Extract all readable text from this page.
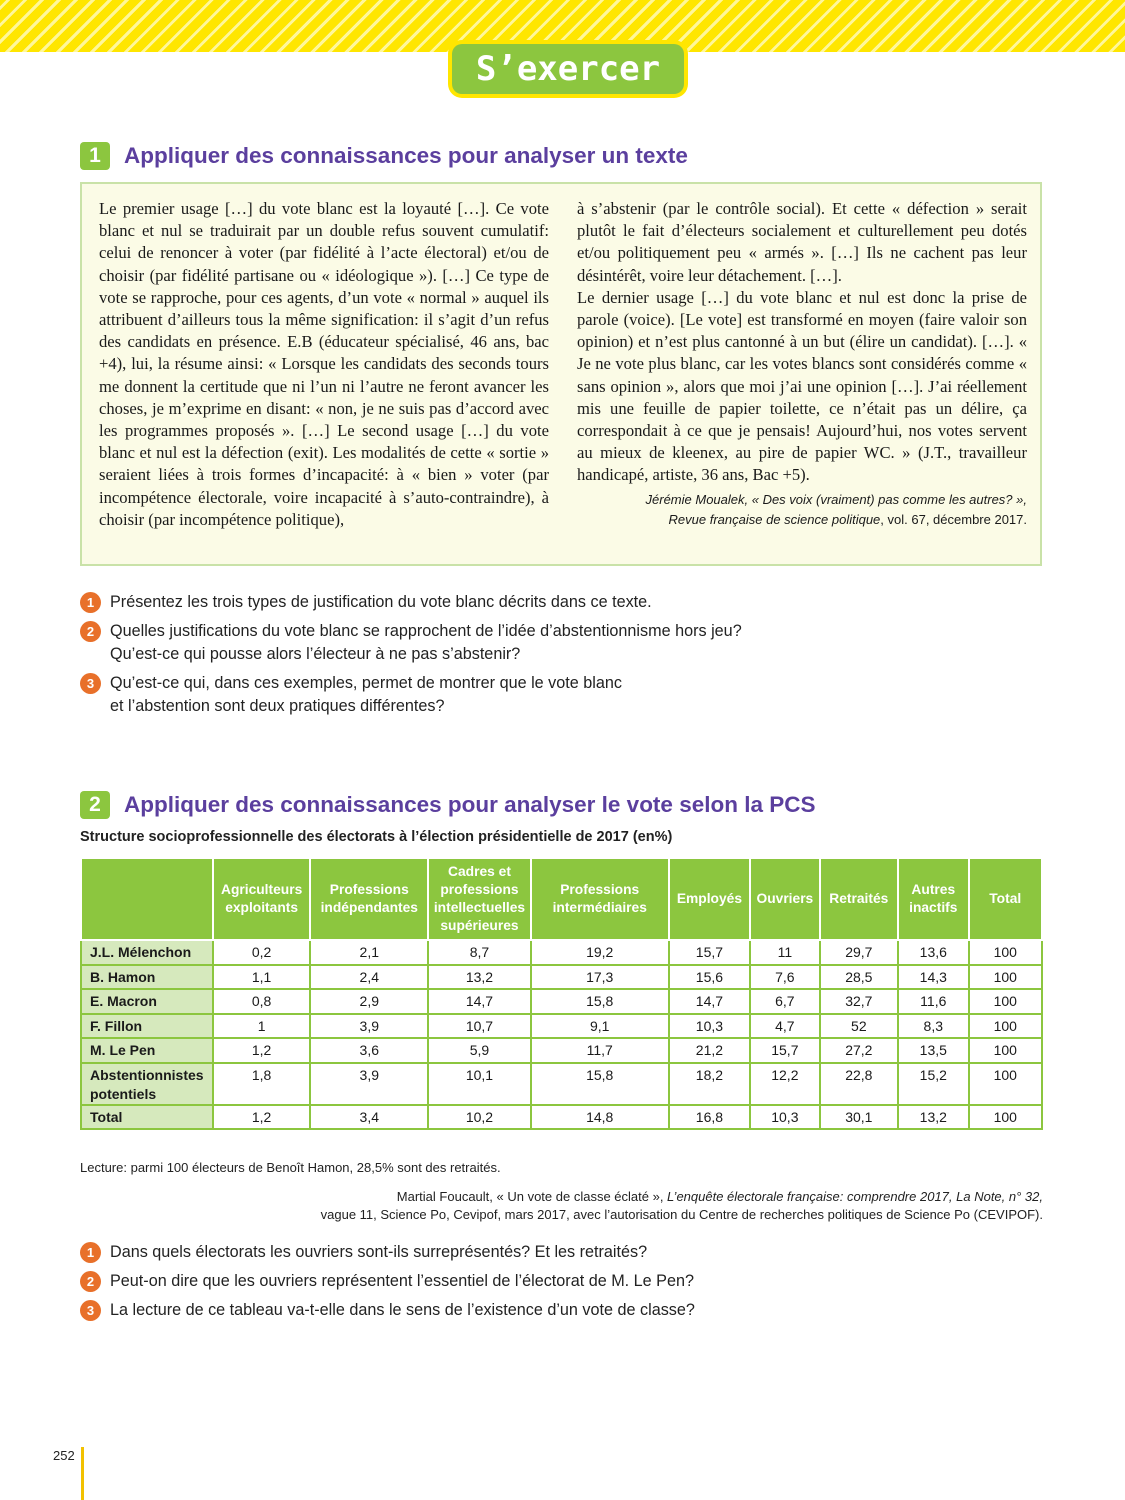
S’exercer
1	Appliquer des connaissances pour analyser un texte

Le premier usage […] du vote blanc est la loyauté […]. Ce vote blanc et nul se traduirait par un double refus souvent cumulatif: celui de renoncer à voter (par fidélité à l’acte électoral) et/ou de choisir (par fidélité partisane ou « idéologique »). […] Ce type de vote se rapproche, pour ces agents, d’un vote « normal » auquel ils attribuent d’ailleurs tous la même signification: il s’agit d’un refus des candidats en présence. E.B (éducateur spécialisé, 46 ans, bac +4), lui, la résume ainsi: « Lorsque les candidats des seconds tours me donnent la certitude que ni l’un ni l’autre ne feront avancer les choses, je m’exprime en disant: « non, je ne suis pas d’accord avec les programmes proposés ». […] Le second usage […] du vote blanc et nul est la défection (exit). Les modalités de cette « sortie » seraient liées à trois formes d’incapacité: à « bien » voter (par incompétence électorale, voire incapacité à s’auto-contraindre), à choisir (par incompétence politique),

à s’abstenir (par le contrôle social). Et cette « défection » serait plutôt le fait d’électeurs socialement et culturellement peu dotés et/ou politiquement peu « armés ». […] Ils ne cachent pas leur désintérêt, voire leur détachement. […].

Le dernier usage […] du vote blanc et nul est donc la prise de parole (voice). [Le vote] est transformé en moyen (faire valoir son opinion) et n’est plus cantonné à un but (élire un candidat). […]. « Je ne vote plus blanc, car les votes blancs sont considérés comme « sans opinion », alors que moi j’ai une opinion […]. J’ai réellement mis une feuille de papier toilette, ce n’était pas un délire, ça correspondait à ce que je pensais! Aujourd’hui, nos votes servent au mieux de kleenex, au pire de papier WC. » (J.T., travailleur handicapé, artiste, 36 ans, Bac +5).

Jérémie Moualek, « Des voix (vraiment) pas comme les autres? »,
Revue française de science politique, vol. 67, décembre 2017.
1 Présentez les trois types de justification du vote blanc décrits dans ce texte.
2 Quelles justifications du vote blanc se rapprochent de l’idée d’abstentionnisme hors jeu?
Qu’est-ce qui pousse alors l’électeur à ne pas s’abstenir?
3 Qu’est-ce qui, dans ces exemples, permet de montrer que le vote blanc
et l’abstention sont deux pratiques différentes?
2	Appliquer des connaissances pour analyser le vote selon la PCS
Structure socioprofessionnelle des électorats à l’élection présidentielle de 2017 (en%)
	Agriculteurs exploitants	Professions indépendantes	Cadres et professions intellectuelles supérieures	Professions intermédiaires	Employés	Ouvriers	Retraités	Autres inactifs	Total
J.L. Mélenchon	0,2	2,1	8,7	19,2	15,7	11	29,7	13,6	100
B. Hamon	1,1	2,4	13,2	17,3	15,6	7,6	28,5	14,3	100
E. Macron	0,8	2,9	14,7	15,8	14,7	6,7	32,7	11,6	100
F. Fillon	1	3,9	10,7	9,1	10,3	4,7	52	8,3	100
M. Le Pen	1,2	3,6	5,9	11,7	21,2	15,7	27,2	13,5	100
Abstentionnistes potentiels	1,8	3,9	10,1	15,8	18,2	12,2	22,8	15,2	100
Total	1,2	3,4	10,2	14,8	16,8	10,3	30,1	13,2	100
Lecture: parmi 100 électeurs de Benoît Hamon, 28,5% sont des retraités.
Martial Foucault, « Un vote de classe éclaté », L’enquête électorale française: comprendre 2017, La Note, n° 32,
vague 11, Science Po, Cevipof, mars 2017, avec l’autorisation du Centre de recherches politiques de Science Po (CEVIPOF).
1 Dans quels électorats les ouvriers sont-ils surreprésentés? Et les retraités?
2 Peut-on dire que les ouvriers représentent l’essentiel de l’électorat de M. Le Pen?
3 La lecture de ce tableau va-t-elle dans le sens de l’existence d’un vote de classe?
252
